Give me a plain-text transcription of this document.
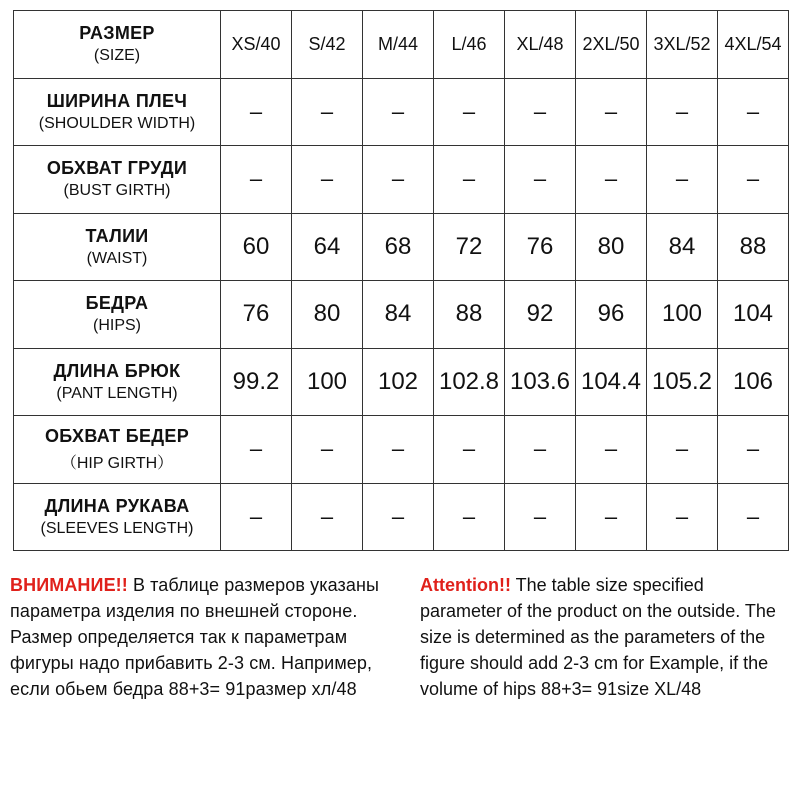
РАЗМЕР
(SIZE)	XS/40	S/42	M/44	L/46	XL/48	2XL/50	3XL/52	4XL/54

ШИРИНА ПЛЕЧ
(SHOULDER WIDTH)	–	–	–	–	–	–	–	–

ОБХВАТ ГРУДИ
(BUST GIRTH)	–	–	–	–	–	–	–	–

ТАЛИИ
(WAIST)	60	64	68	72	76	80	84	88

БЕДРА
(HIPS)	76	80	84	88	92	96	100	104

ДЛИНА БРЮК
(PANT LENGTH)	99.2	100	102	102.8	103.6	104.4	105.2	106

ОБХВАТ БЕДЕР
（HIP GIRTH）	–	–	–	–	–	–	–	–

ДЛИНА РУКАВА
(SLEEVES LENGTH)	–	–	–	–	–	–	–	–
ВНИМАНИЕ!! В таблице размеров указаны параметра изделия по внешней стороне. Размер определяется так к параметрам фигуры надо прибавить 2-3 см. Например, если обьем бедра 88+3= 91размер хл/48
Attention!! The table size specified parameter of the product on the outside. The size is determined as the parameters of the figure should add 2-3 cm for Example, if the volume of hips 88+3= 91size XL/48
